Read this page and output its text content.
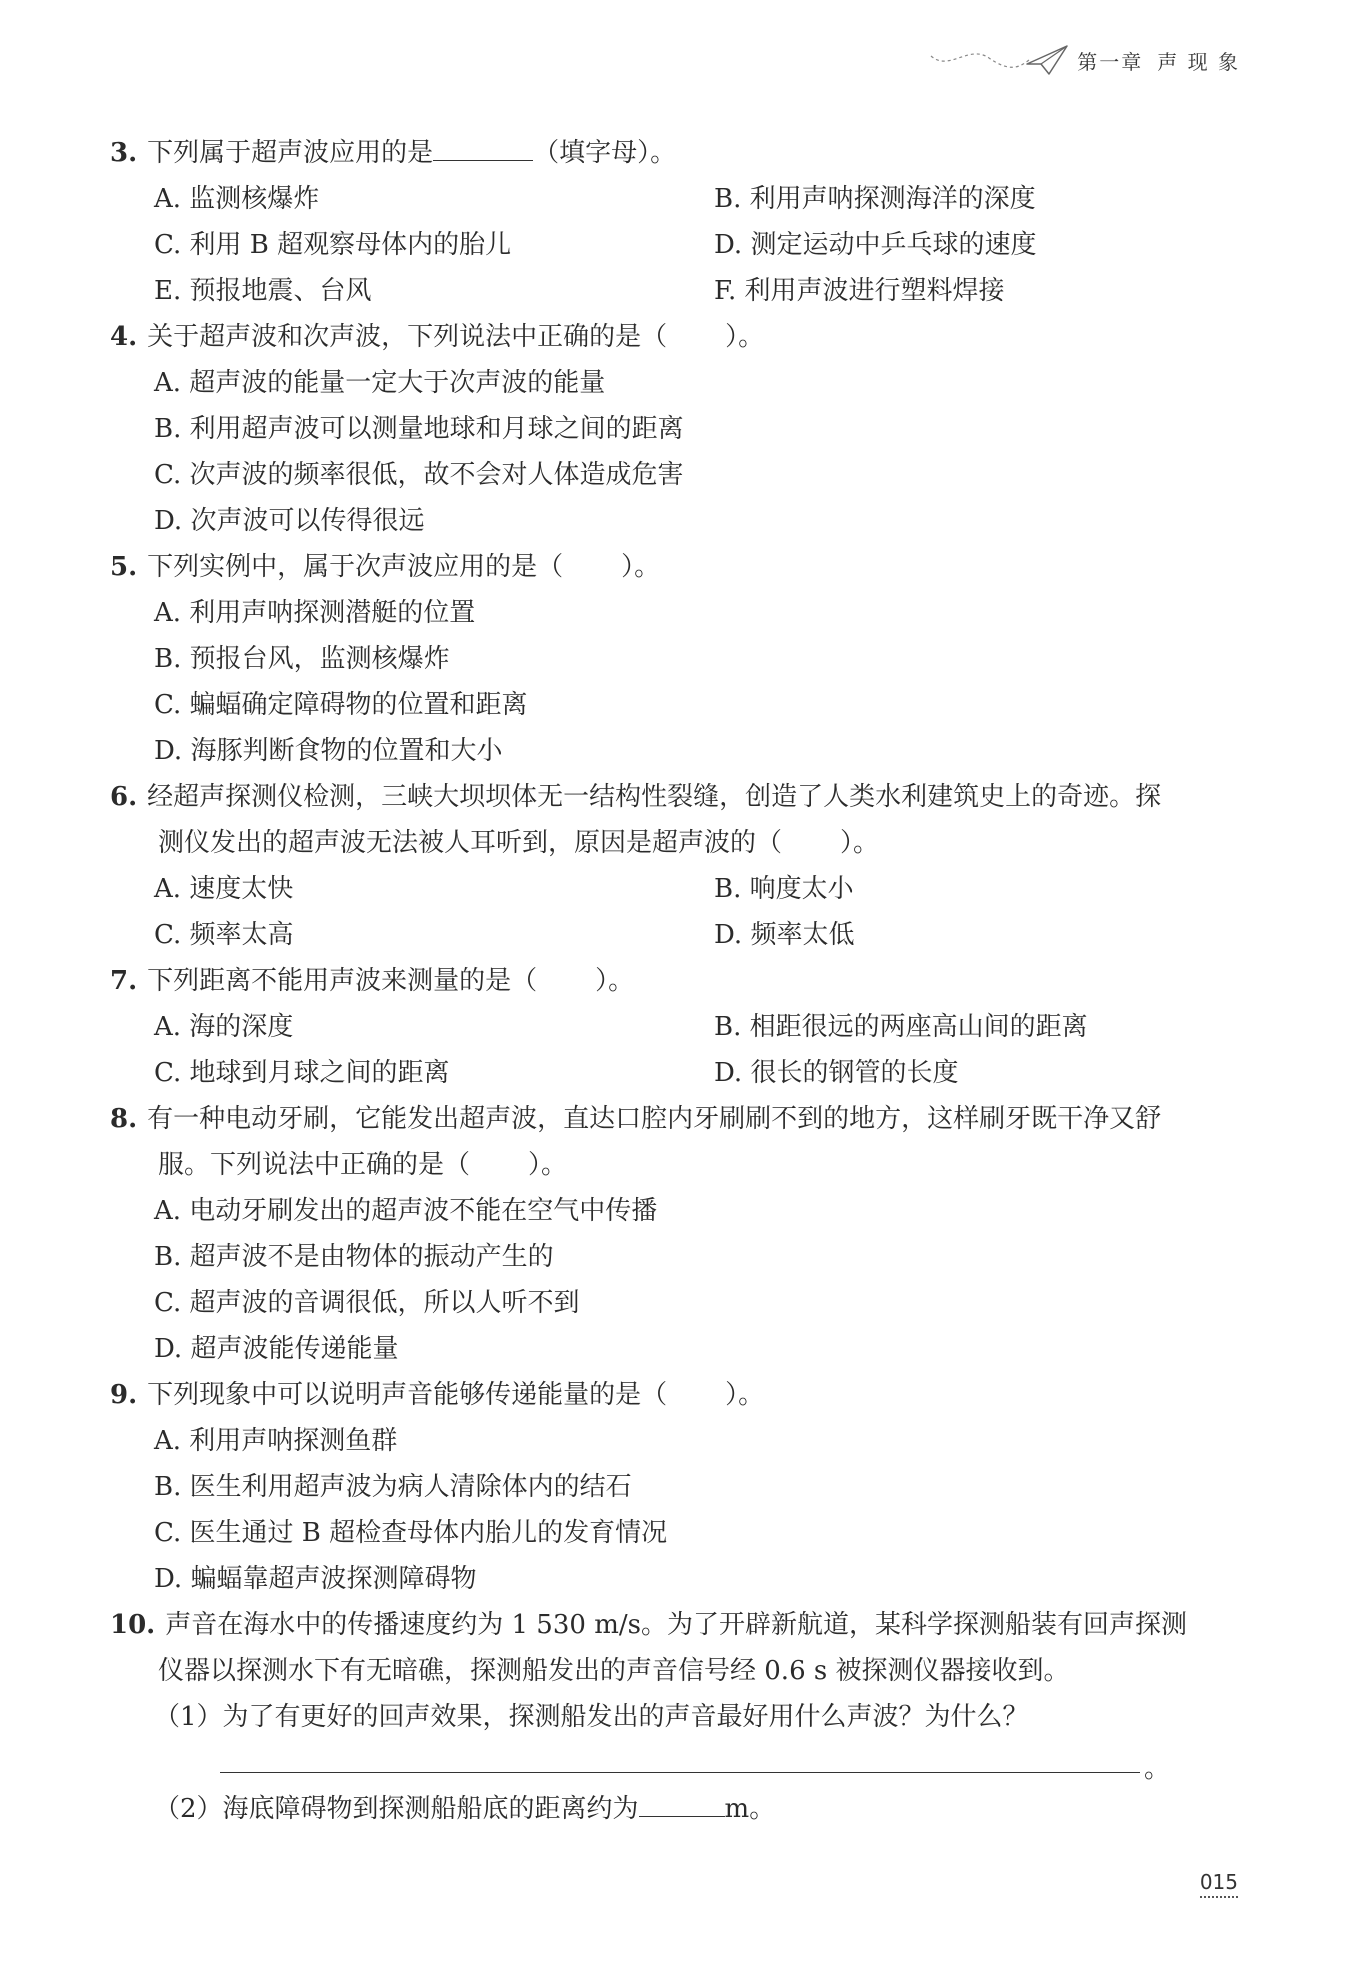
第一章 声 现 象
3. 下列属于超声波应用的是	（填字母）。
A. 监测核爆炸	B. 利用声呐探测海洋的深度
C. 利用 B 超观察母体内的胎儿	D. 测定运动中乒乓球的速度
E. 预报地震、台风	F. 利用声波进行塑料焊接
4. 关于超声波和次声波，下列说法中正确的是（ ）。
A. 超声波的能量一定大于次声波的能量
B. 利用超声波可以测量地球和月球之间的距离
C. 次声波的频率很低，故不会对人体造成危害
D. 次声波可以传得很远
5. 下列实例中，属于次声波应用的是（ ）。
A. 利用声呐探测潜艇的位置
B. 预报台风，监测核爆炸
C. 蝙蝠确定障碍物的位置和距离
D. 海豚判断食物的位置和大小
6. 经超声探测仪检测，三峡大坝坝体无一结构性裂缝，创造了人类水利建筑史上的奇迹。探
测仪发出的超声波无法被人耳听到，原因是超声波的（ ）。
A. 速度太快	B. 响度太小
C. 频率太高	D. 频率太低
7. 下列距离不能用声波来测量的是（ ）。
A. 海的深度	B. 相距很远的两座高山间的距离
C. 地球到月球之间的距离	D. 很长的钢管的长度
8. 有一种电动牙刷，它能发出超声波，直达口腔内牙刷刷不到的地方，这样刷牙既干净又舒
服。下列说法中正确的是（ ）。
A. 电动牙刷发出的超声波不能在空气中传播
B. 超声波不是由物体的振动产生的
C. 超声波的音调很低，所以人听不到
D. 超声波能传递能量
9. 下列现象中可以说明声音能够传递能量的是（ ）。
A. 利用声呐探测鱼群
B. 医生利用超声波为病人清除体内的结石
C. 医生通过 B 超检查母体内胎儿的发育情况
D. 蝙蝠靠超声波探测障碍物
10. 声音在海水中的传播速度约为 1 530 m/s。为了开辟新航道，某科学探测船装有回声探测
仪器以探测水下有无暗礁，探测船发出的声音信号经 0.6 s 被探测仪器接收到。
（1）为了有更好的回声效果，探测船发出的声音最好用什么声波？为什么？
。
（2）海底障碍物到探测船船底的距离约为	m。
015
